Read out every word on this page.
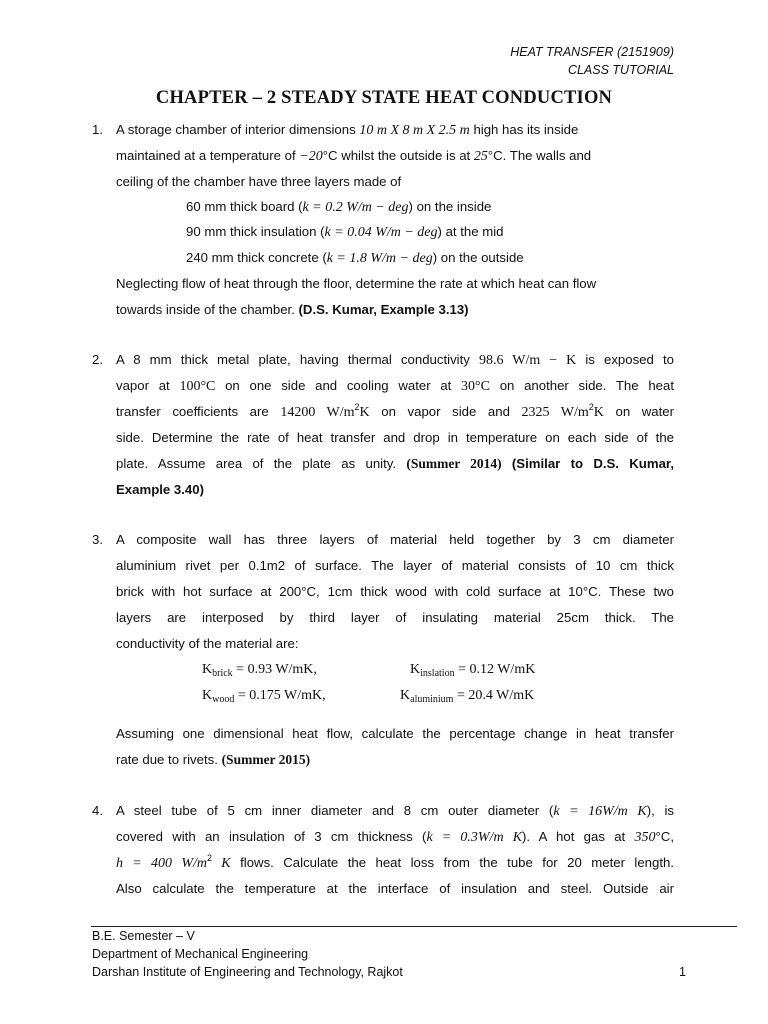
HEAT TRANSFER (2151909)
CLASS TUTORIAL
CHAPTER – 2 STEADY STATE HEAT CONDUCTION
1. A storage chamber of interior dimensions 10 m X 8 m X 2.5 m high has its inside
maintained at a temperature of −20°C whilst the outside is at 25°C. The walls and
ceiling of the chamber have three layers made of
60 mm thick board (k = 0.2 W/m − deg) on the inside
90 mm thick insulation (k = 0.04 W/m − deg) at the mid
240 mm thick concrete (k = 1.8 W/m − deg) on the outside
Neglecting flow of heat through the floor, determine the rate at which heat can flow
towards inside of the chamber. (D.S. Kumar, Example 3.13)
2. A 8 mm thick metal plate, having thermal conductivity 98.6 W/m − K is exposed to
vapor at 100°C on one side and cooling water at 30°C on another side. The heat
transfer coefficients are 14200 $W/m^2K$ on vapor side and 2325 $W/m^2K$ on water
side. Determine the rate of heat transfer and drop in temperature on each side of the
plate. Assume area of the plate as unity. (Summer 2014) (Similar to D.S. Kumar,
Example 3.40)
3. A composite wall has three layers of material held together by 3 cm diameter
aluminium rivet per 0.1m2 of surface. The layer of material consists of 10 cm thick
brick with hot surface at 200°C, 1cm thick wood with cold surface at 10°C. These two
layers are interposed by third layer of insulating material 25cm thick. The
conductivity of the material are:
$K_{brick} = 0.93$ W/mK,	$K_{inslation} = 0.12$ W/mK
$K_{wood} = 0.175$ W/mK,	$K_{aluminium} = 20.4$ W/mK
Assuming one dimensional heat flow, calculate the percentage change in heat transfer
rate due to rivets. (Summer 2015)
4. A steel tube of 5 cm inner diameter and 8 cm outer diameter (k = 16W/m K), is
covered with an insulation of 3 cm thickness (k = 0.3W/m K). A hot gas at 350°C,
h = 400 $W/m^2$ K flows. Calculate the heat loss from the tube for 20 meter length.
Also calculate the temperature at the interface of insulation and steel. Outside air
B.E. Semester – V
Department of Mechanical Engineering
Darshan Institute of Engineering and Technology, Rajkot	1
